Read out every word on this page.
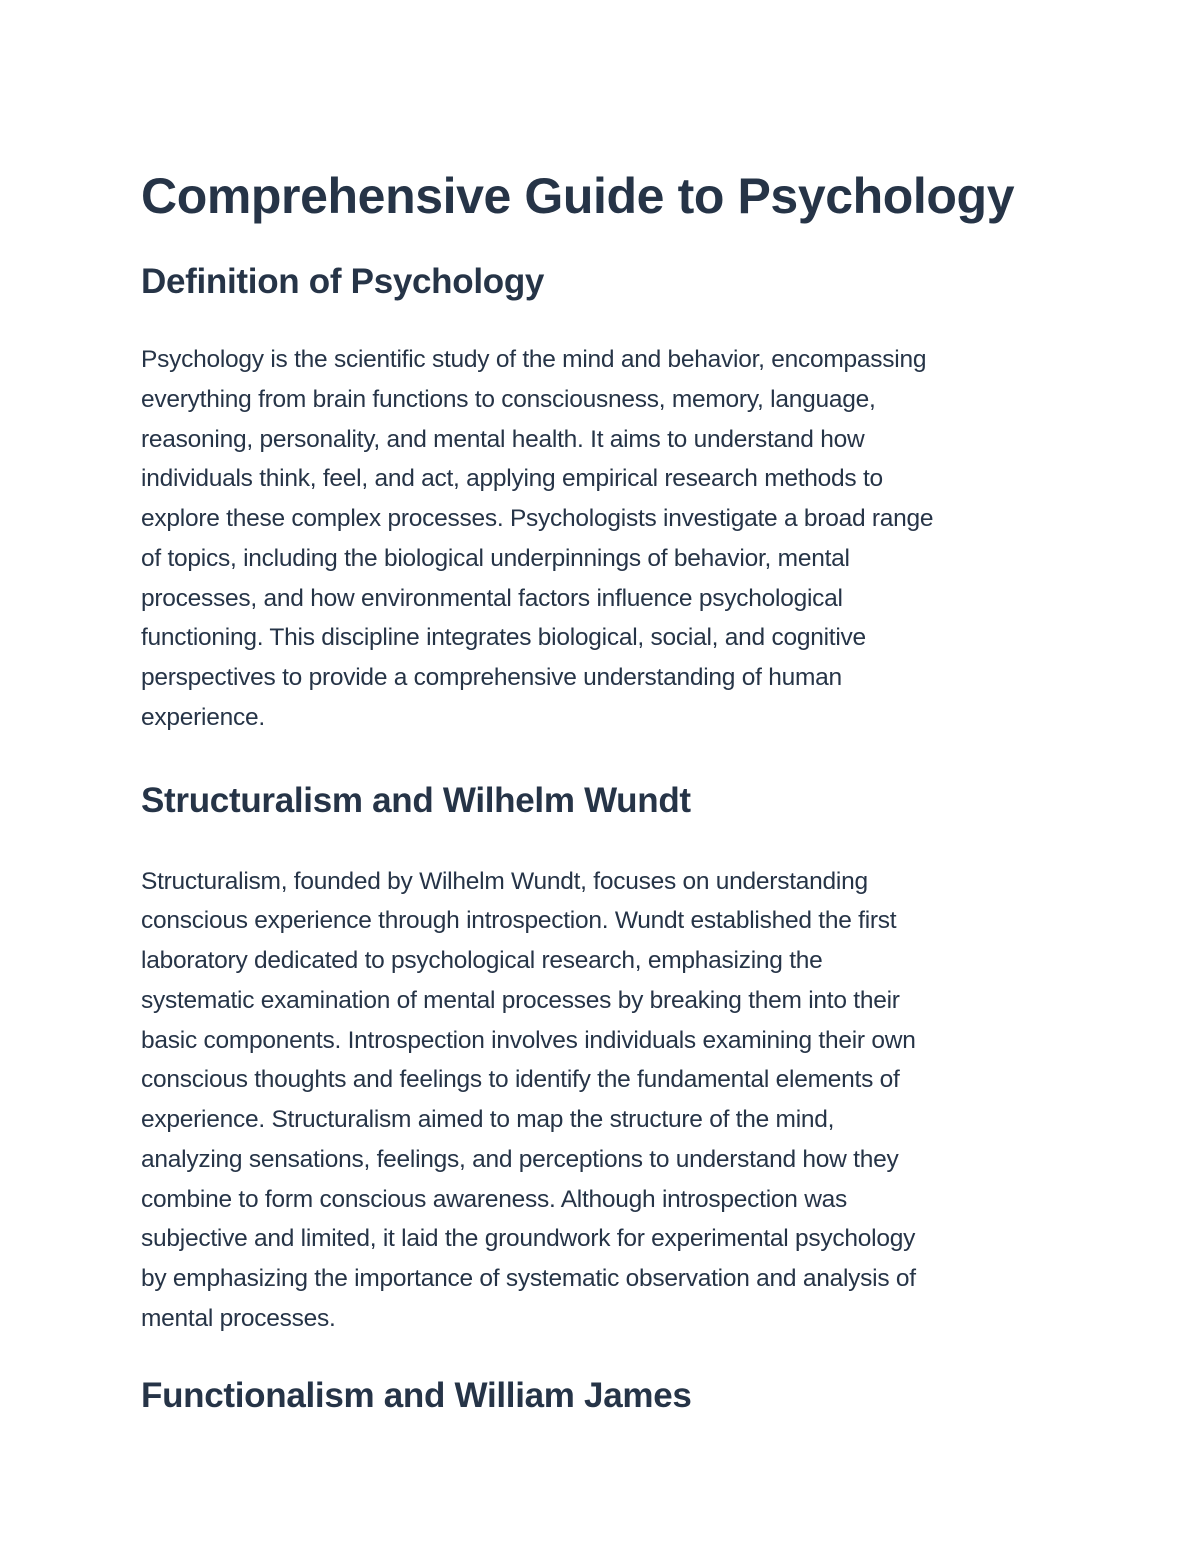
Comprehensive Guide to Psychology
Definition of Psychology

Psychology is the scientific study of the mind and behavior, encompassing
everything from brain functions to consciousness, memory, language,
reasoning, personality, and mental health. It aims to understand how
individuals think, feel, and act, applying empirical research methods to
explore these complex processes. Psychologists investigate a broad range
of topics, including the biological underpinnings of behavior, mental
processes, and how environmental factors influence psychological
functioning. This discipline integrates biological, social, and cognitive
perspectives to provide a comprehensive understanding of human
experience.

Structuralism and Wilhelm Wundt

Structuralism, founded by Wilhelm Wundt, focuses on understanding
conscious experience through introspection. Wundt established the first
laboratory dedicated to psychological research, emphasizing the
systematic examination of mental processes by breaking them into their
basic components. Introspection involves individuals examining their own
conscious thoughts and feelings to identify the fundamental elements of
experience. Structuralism aimed to map the structure of the mind,
analyzing sensations, feelings, and perceptions to understand how they
combine to form conscious awareness. Although introspection was
subjective and limited, it laid the groundwork for experimental psychology
by emphasizing the importance of systematic observation and analysis of
mental processes.

Functionalism and William James
